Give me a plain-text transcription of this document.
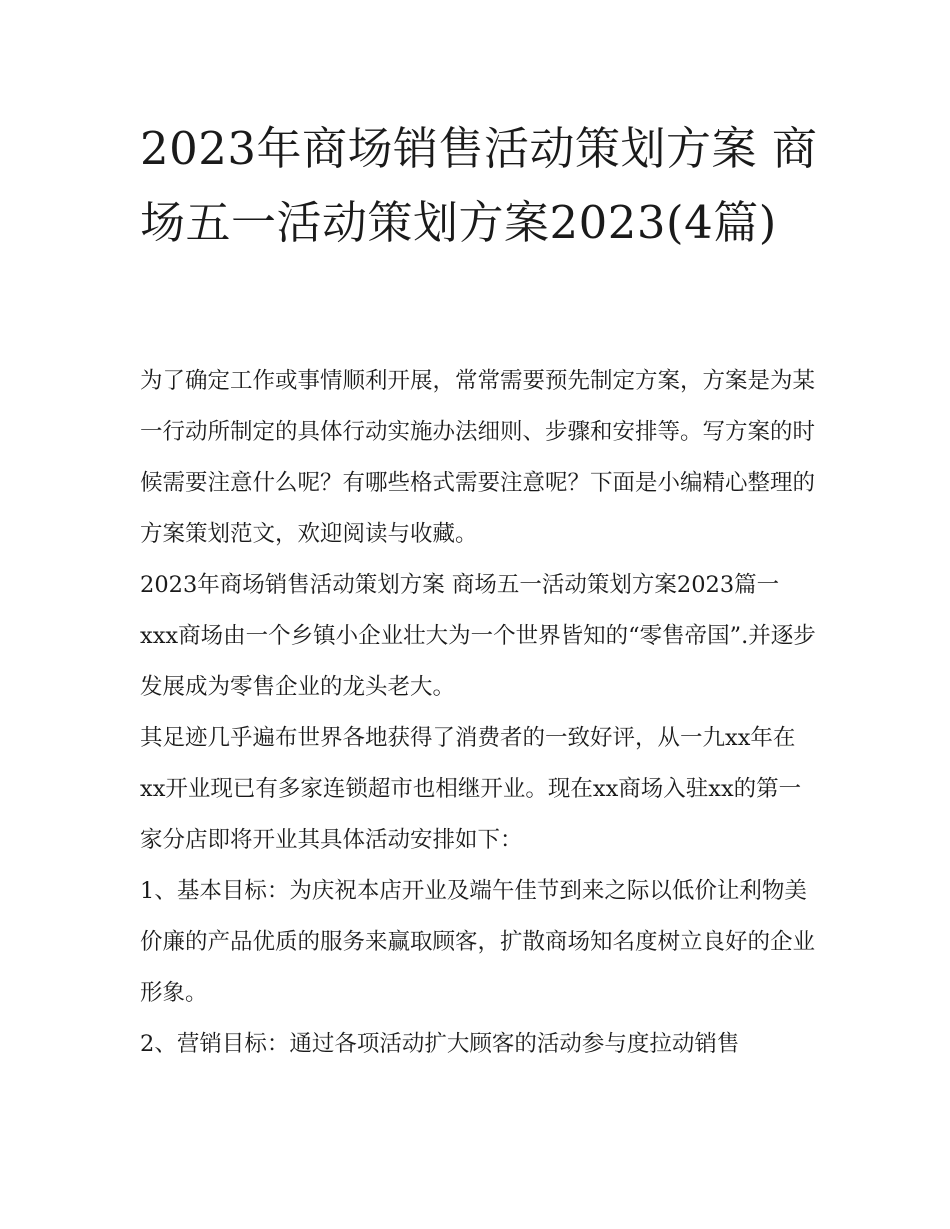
2023年商场销售活动策划方案 商场五一活动策划方案2023(4篇)

为了确定工作或事情顺利开展，常常需要预先制定方案，方案是为某一行动所制定的具体行动实施办法细则、步骤和安排等。写方案的时候需要注意什么呢？有哪些格式需要注意呢？下面是小编精心整理的方案策划范文，欢迎阅读与收藏。

2023年商场销售活动策划方案 商场五一活动策划方案2023篇一

xxx商场由一个乡镇小企业壮大为一个世界皆知的“零售帝国”.并逐步发展成为零售企业的龙头老大。

其足迹几乎遍布世界各地获得了消费者的一致好评，从一九xx年在xx开业现已有多家连锁超市也相继开业。现在xx商场入驻xx的第一家分店即将开业其具体活动安排如下：

1、基本目标：为庆祝本店开业及端午佳节到来之际以低价让利物美价廉的产品优质的服务来赢取顾客，扩散商场知名度树立良好的企业形象。

2、营销目标：通过各项活动扩大顾客的活动参与度拉动销售
